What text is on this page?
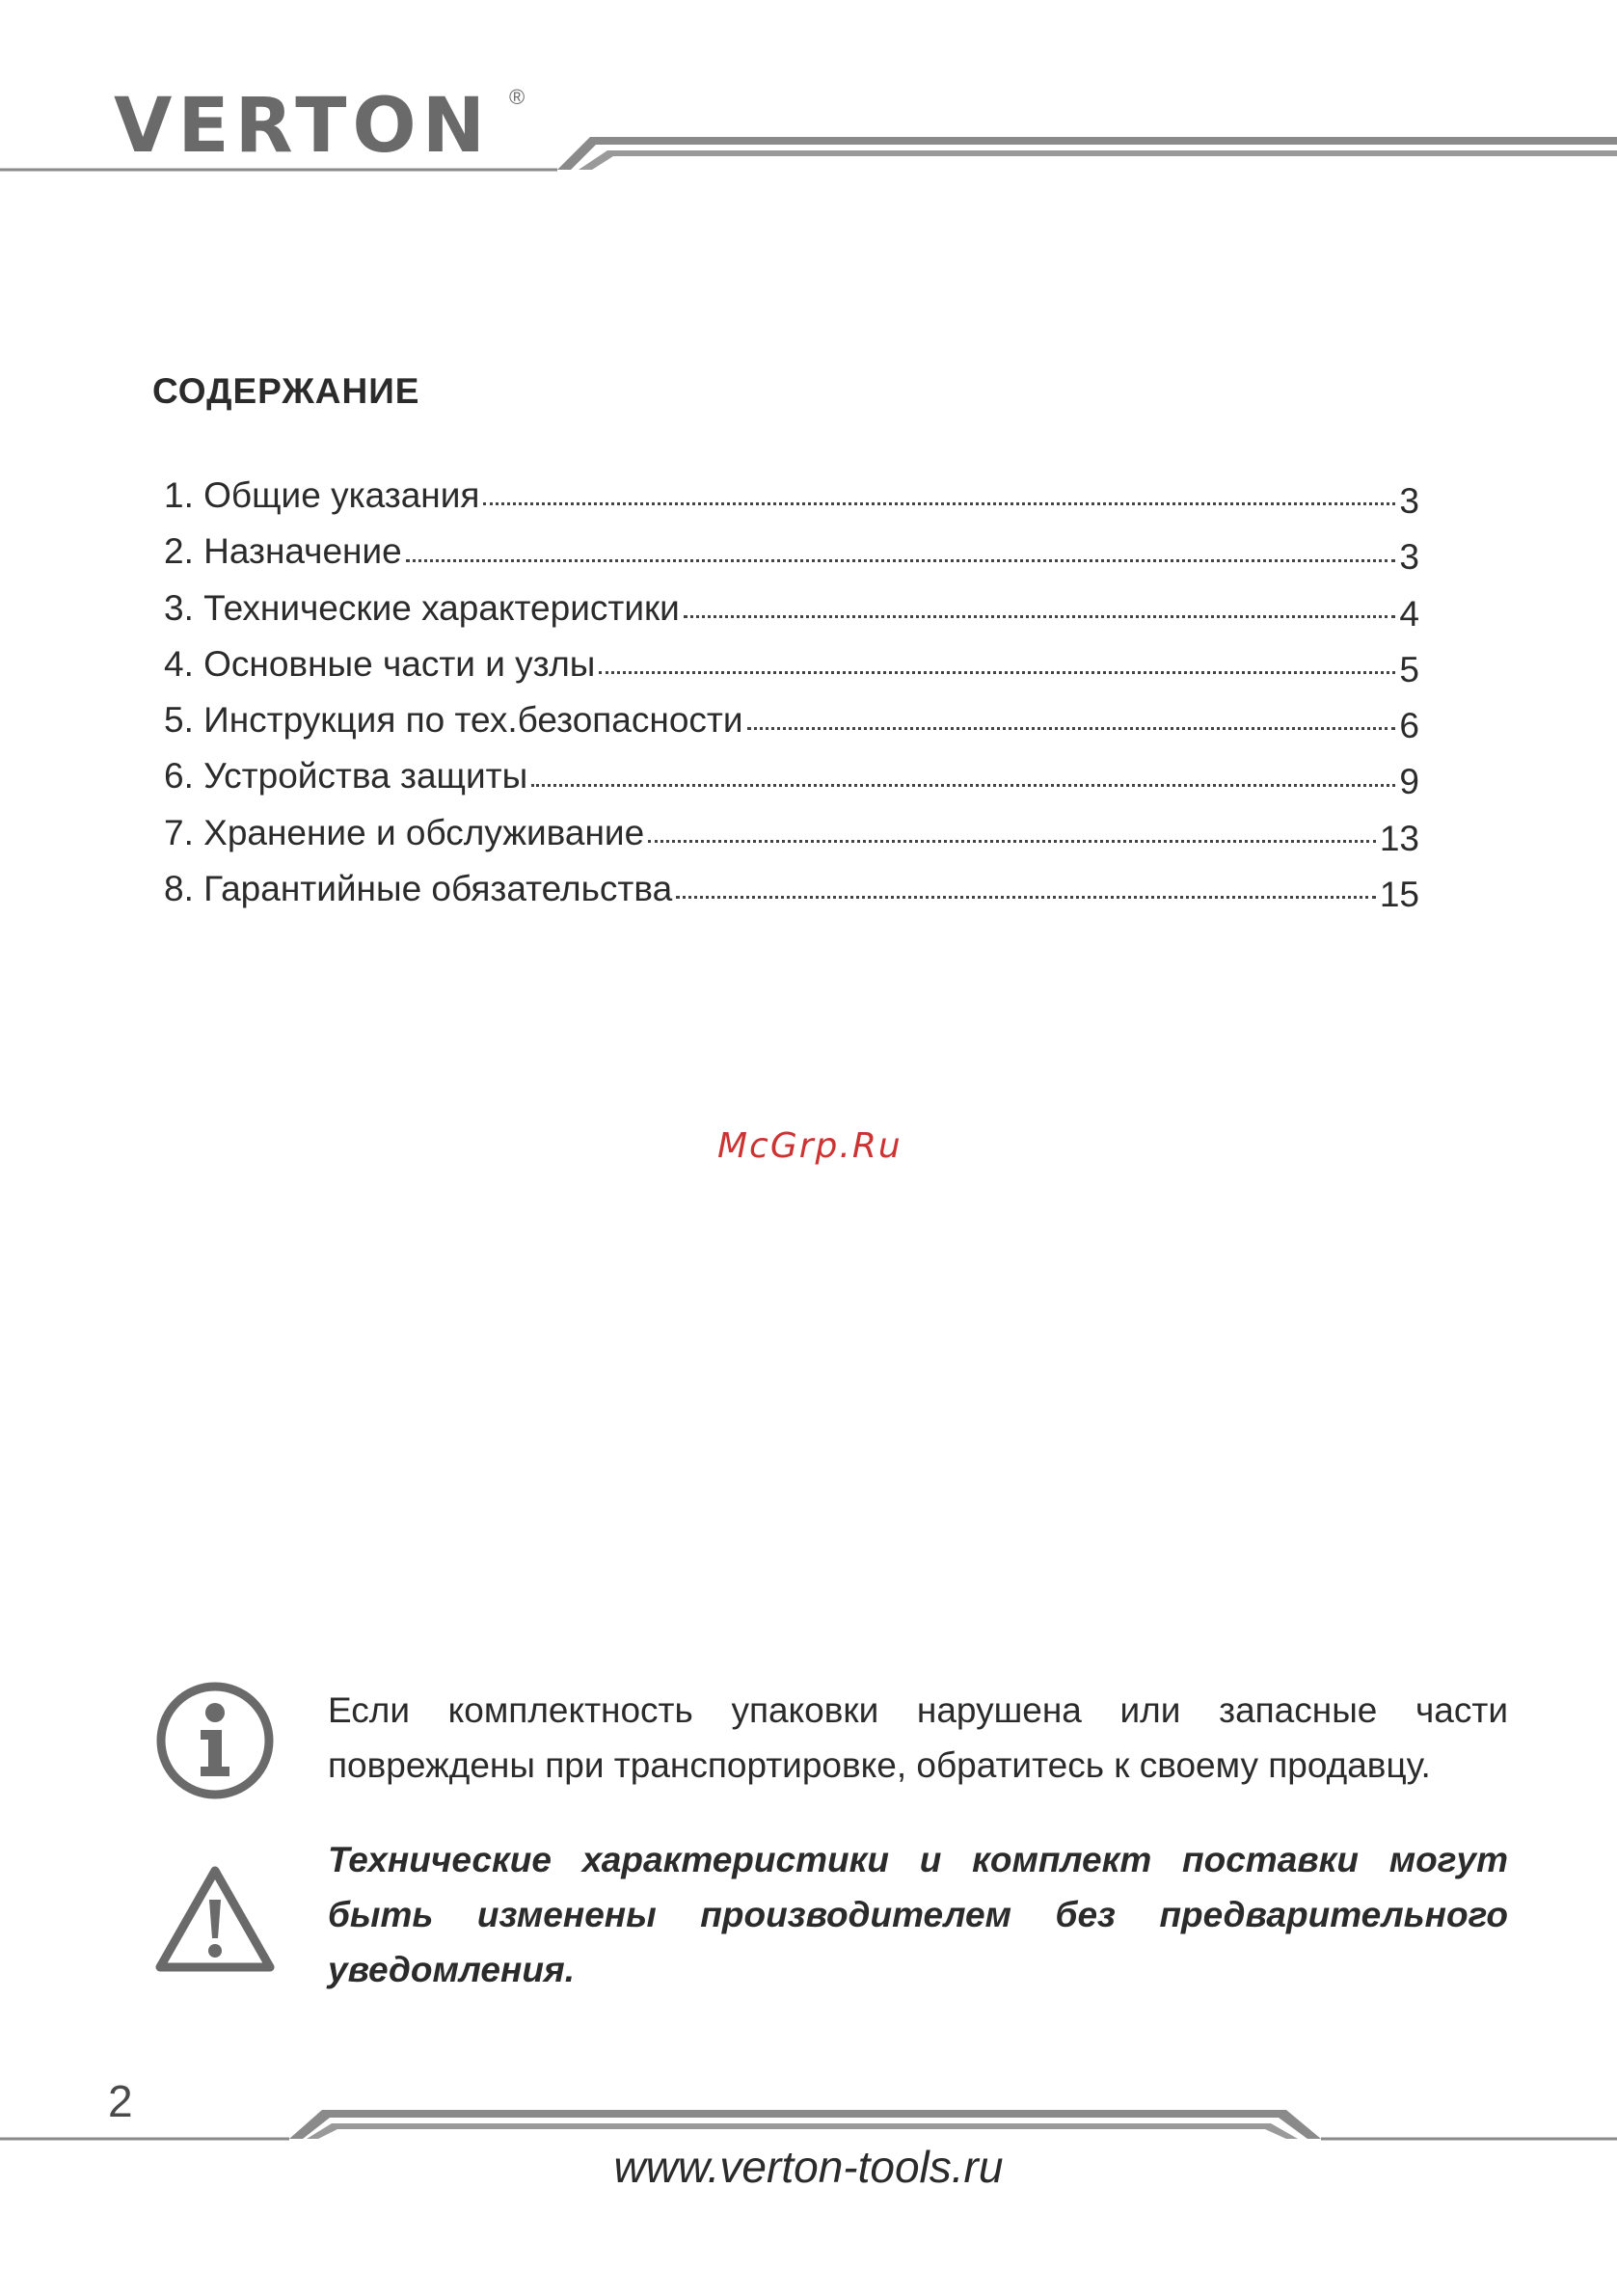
VERTON ®
СОДЕРЖАНИЕ
1. Общие указания	3
2. Назначение	3
3. Технические характеристики	4
4. Основные части и узлы	5
5. Инструкция по тех.безопасности	6
6. Устройства защиты	9
7. Хранение и обслуживание	13
8. Гарантийные обязательства	15
McGrp.Ru

Если комплектность упаковки нарушена или запасные части повреждены при транспортировке, обратитесь к своему продавцу.

Технические характеристики и комплект поставки могут быть изменены производителем без предварительного уведомления.

2
www.verton-tools.ru
